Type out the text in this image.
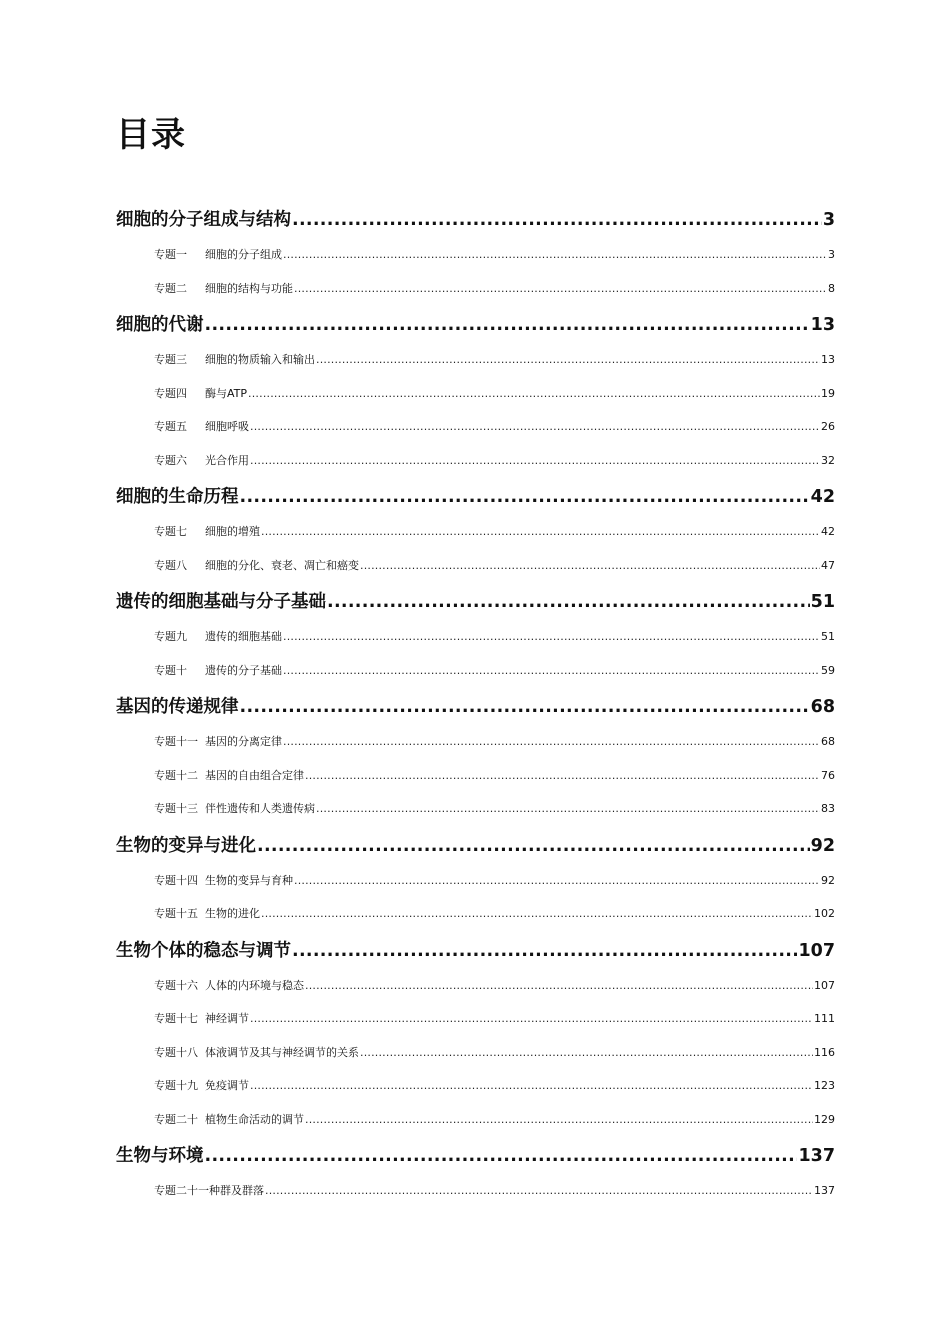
目录
细胞的分子组成与结构 .....	3
专题一 细胞的分子组成 .....	3
专题二 细胞的结构与功能 .....	8
细胞的代谢 .....	13
专题三 细胞的物质输入和输出 .....	13
专题四 酶与ATP .....	19
专题五 细胞呼吸 .....	26
专题六 光合作用 .....	32
细胞的生命历程 .....	42
专题七 细胞的增殖 .....	42
专题八 细胞的分化、衰老、凋亡和癌变 .....	47
遗传的细胞基础与分子基础 .....	51
专题九 遗传的细胞基础 .....	51
专题十 遗传的分子基础 .....	59
基因的传递规律 .....	68
专题十一 基因的分离定律 .....	68
专题十二 基因的自由组合定律 .....	76
专题十三 伴性遗传和人类遗传病 .....	83
生物的变异与进化 .....	92
专题十四 生物的变异与育种 .....	92
专题十五 生物的进化 .....	102
生物个体的稳态与调节 .....	107
专题十六 人体的内环境与稳态 .....	107
专题十七 神经调节 .....	111
专题十八 体液调节及其与神经调节的关系 .....	116
专题十九 免疫调节 .....	123
专题二十 植物生命活动的调节 .....	129
生物与环境 .....	137
专题二十一种群及群落 .....	137
